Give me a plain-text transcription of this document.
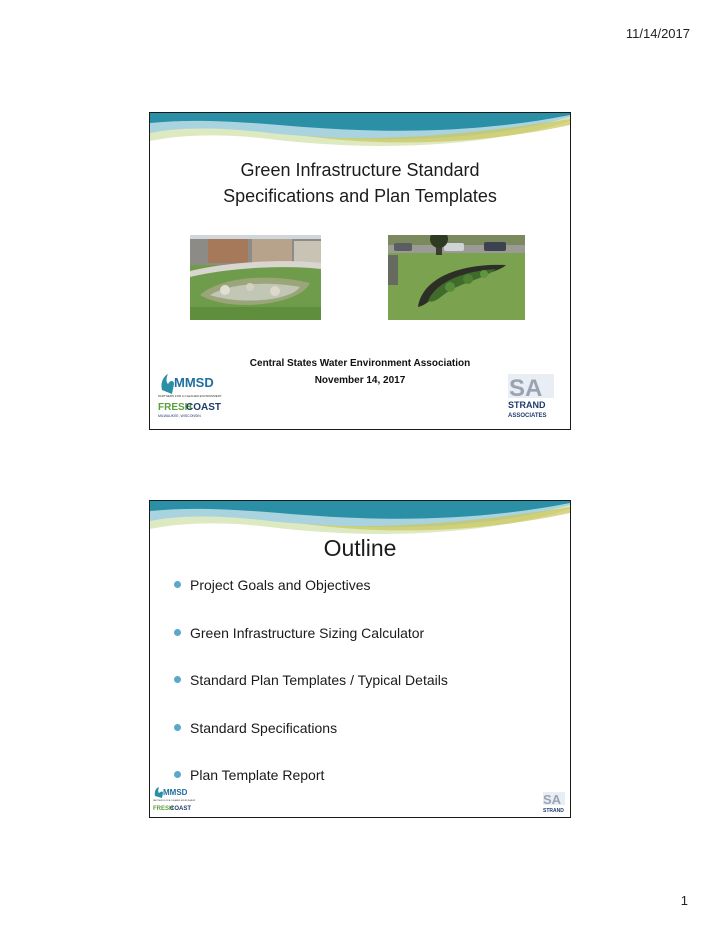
11/14/2017
Green Infrastructure Standard
Specifications and Plan Templates
Central States Water Environment Association
November 14, 2017
MMSD
PARTNERS FOR A CLEANER ENVIRONMENT
FRESH
COAST
MILWAUKEE, WISCONSIN
SA
STRAND
ASSOCIATES
Outline
Project Goals and Objectives
Green Infrastructure Sizing Calculator
Standard Plan Templates / Typical Details
Standard Specifications
Plan Template Report
MMSD
PARTNERS FOR A CLEANER ENVIRONMENT
FRESH
COAST
SA
STRAND
1
